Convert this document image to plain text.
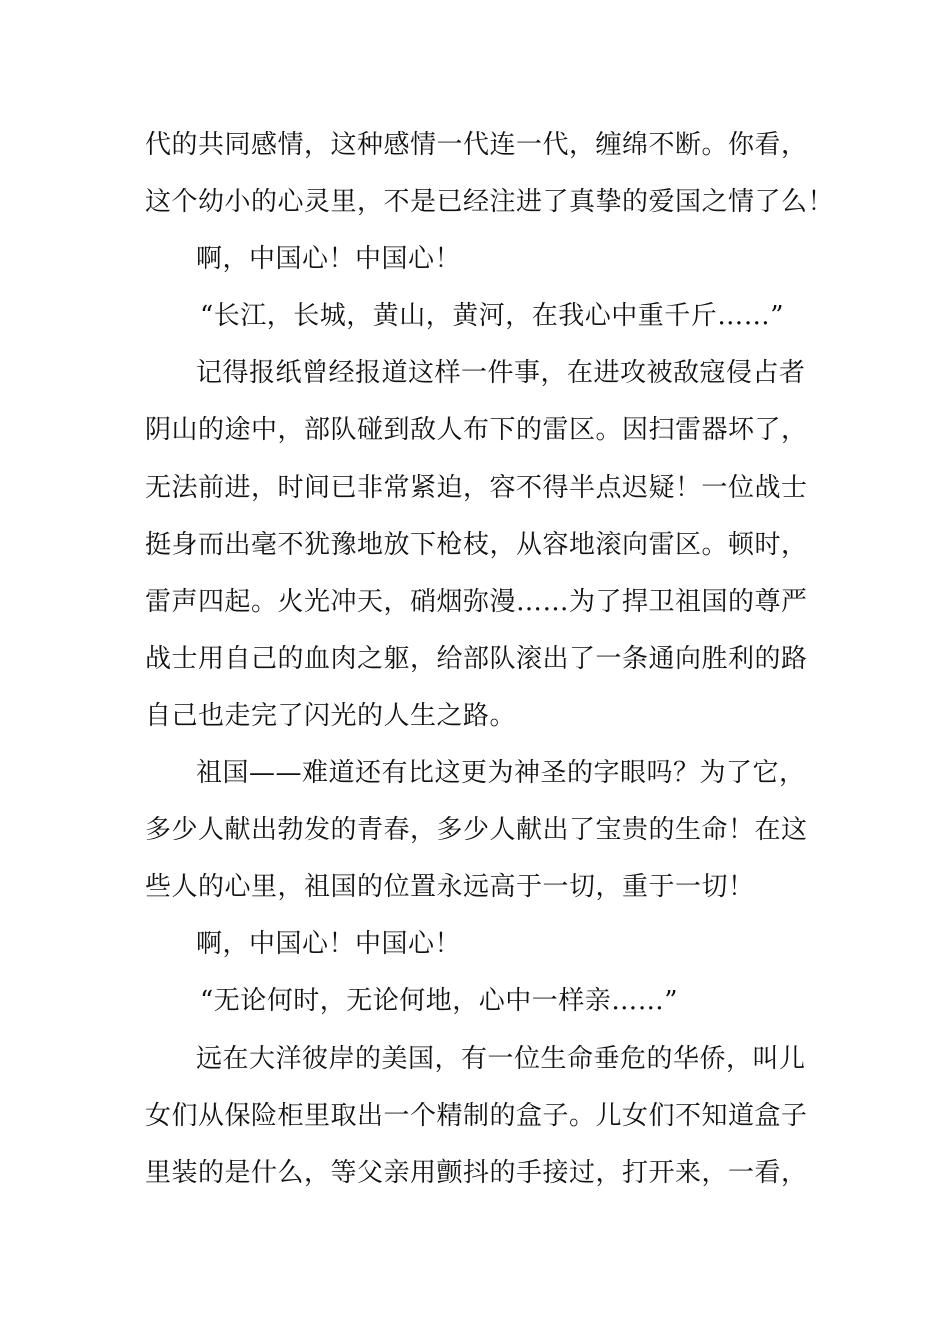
代的共同感情，这种感情一代连一代，缠绵不断。你看，
这个幼小的心灵里，不是已经注进了真挚的爱国之情了么！
啊，中国心！中国心！
“长江，长城，黄山，黄河，在我心中重千斤……”
记得报纸曾经报道这样一件事，在进攻被敌寇侵占者
阴山的途中，部队碰到敌人布下的雷区。因扫雷器坏了，
无法前进，时间已非常紧迫，容不得半点迟疑！一位战士
挺身而出毫不犹豫地放下枪枝，从容地滚向雷区。顿时，
雷声四起。火光冲天，硝烟弥漫……为了捍卫祖国的尊严
战士用自己的血肉之躯，给部队滚出了一条通向胜利的路
自己也走完了闪光的人生之路。
祖国——难道还有比这更为神圣的字眼吗？为了它，
多少人献出勃发的青春，多少人献出了宝贵的生命！在这
些人的心里，祖国的位置永远高于一切，重于一切！
啊，中国心！中国心！
“无论何时，无论何地，心中一样亲……”
远在大洋彼岸的美国，有一位生命垂危的华侨，叫儿
女们从保险柜里取出一个精制的盒子。儿女们不知道盒子
里装的是什么，等父亲用颤抖的手接过，打开来，一看，
